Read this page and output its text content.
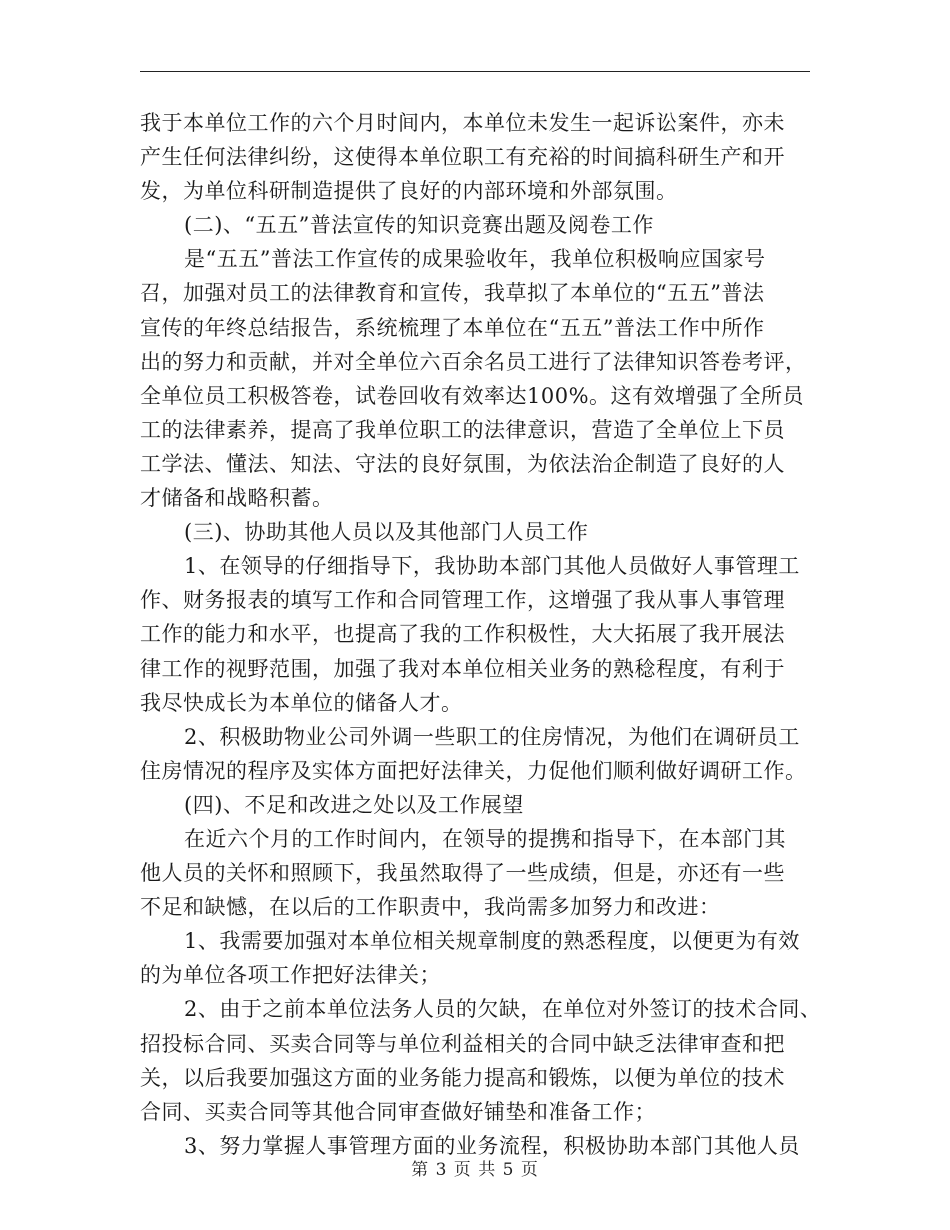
我于本单位工作的六个月时间内，本单位未发生一起诉讼案件，亦未
产生任何法律纠纷，这使得本单位职工有充裕的时间搞科研生产和开
发，为单位科研制造提供了良好的内部环境和外部氛围。
(二)、“五五”普法宣传的知识竞赛出题及阅卷工作
是“五五”普法工作宣传的成果验收年，我单位积极响应国家号
召，加强对员工的法律教育和宣传，我草拟了本单位的“五五”普法
宣传的年终总结报告，系统梳理了本单位在“五五”普法工作中所作
出的努力和贡献，并对全单位六百余名员工进行了法律知识答卷考评，
全单位员工积极答卷，试卷回收有效率达100%。这有效增强了全所员
工的法律素养，提高了我单位职工的法律意识，营造了全单位上下员
工学法、懂法、知法、守法的良好氛围，为依法治企制造了良好的人
才储备和战略积蓄。
(三)、协助其他人员以及其他部门人员工作
1、在领导的仔细指导下，我协助本部门其他人员做好人事管理工
作、财务报表的填写工作和合同管理工作，这增强了我从事人事管理
工作的能力和水平，也提高了我的工作积极性，大大拓展了我开展法
律工作的视野范围，加强了我对本单位相关业务的熟稔程度，有利于
我尽快成长为本单位的储备人才。
2、积极助物业公司外调一些职工的住房情况，为他们在调研员工
住房情况的程序及实体方面把好法律关，力促他们顺利做好调研工作。
(四)、不足和改进之处以及工作展望
在近六个月的工作时间内，在领导的提携和指导下，在本部门其
他人员的关怀和照顾下，我虽然取得了一些成绩，但是，亦还有一些
不足和缺憾，在以后的工作职责中，我尚需多加努力和改进：
1、我需要加强对本单位相关规章制度的熟悉程度，以便更为有效
的为单位各项工作把好法律关；
2、由于之前本单位法务人员的欠缺，在单位对外签订的技术合同、
招投标合同、买卖合同等与单位利益相关的合同中缺乏法律审查和把
关，以后我要加强这方面的业务能力提高和锻炼，以便为单位的技术
合同、买卖合同等其他合同审查做好铺垫和准备工作；
3、努力掌握人事管理方面的业务流程，积极协助本部门其他人员
第 3 页 共 5 页
